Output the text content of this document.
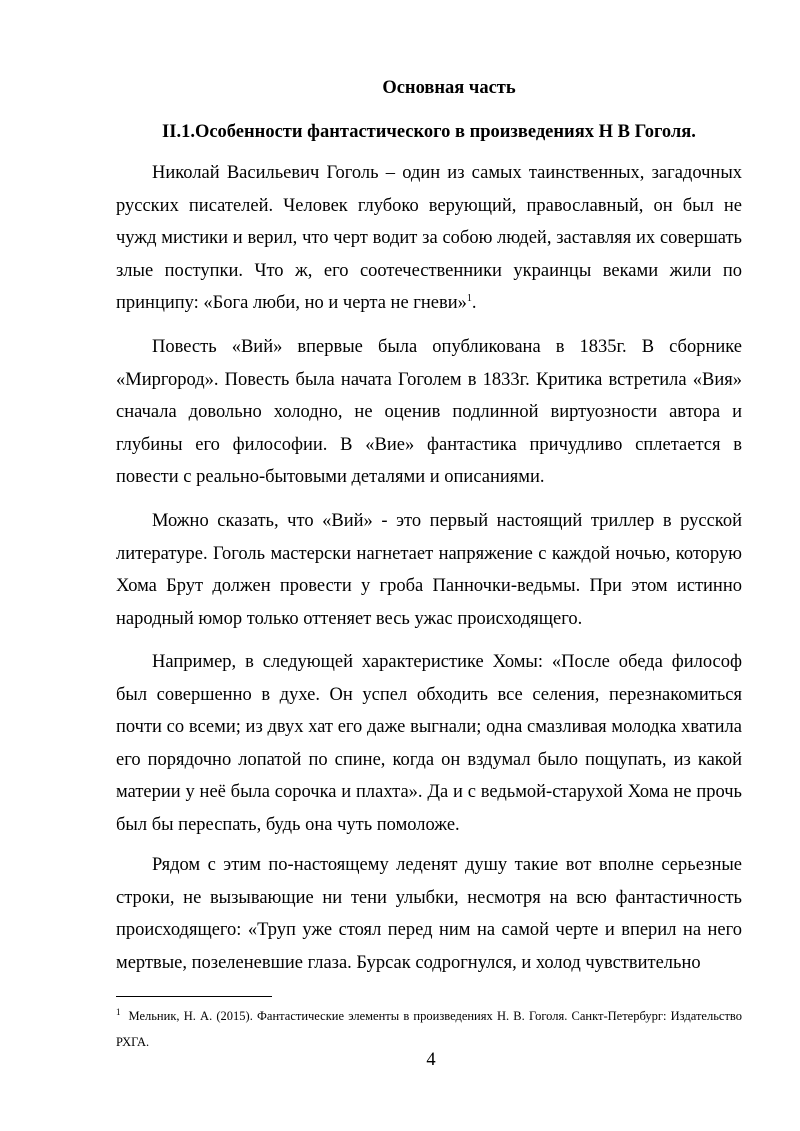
Основная часть
II.1.Особенности фантастического в произведениях Н В Гоголя.

Николай Васильевич Гоголь – один из самых таинственных, загадочных русских писателей. Человек глубоко верующий, православный, он был не чужд мистики и верил, что черт водит за собою людей, заставляя их совершать злые поступки. Что ж, его соотечественники украинцы веками жили по принципу: «Бога люби, но и черта не гневи»$^1$.

Повесть «Вий» впервые была опубликована в 1835г. В сборнике «Миргород». Повесть была начата Гоголем в 1833г. Критика встретила «Вия» сначала довольно холодно, не оценив подлинной виртуозности автора и глубины его философии. В «Вие» фантастика причудливо сплетается в повести с реально-бытовыми деталями и описаниями.

Можно сказать, что «Вий» - это первый настоящий триллер в русской литературе. Гоголь мастерски нагнетает напряжение с каждой ночью, которую Хома Брут должен провести у гроба Панночки-ведьмы. При этом истинно народный юмор только оттеняет весь ужас происходящего.

Например, в следующей характеристике Хомы: «После обеда философ был совершенно в духе. Он успел обходить все селения, перезнакомиться почти со всеми; из двух хат его даже выгнали; одна смазливая молодка хватила его порядочно лопатой по спине, когда он вздумал было пощупать, из какой материи у неё была сорочка и плахта». Да и с ведьмой-старухой Хома не прочь был бы переспать, будь она чуть помоложе.

Рядом с этим по-настоящему леденят душу такие вот вполне серьезные строки, не вызывающие ни тени улыбки, несмотря на всю фантастичность происходящего: «Труп уже стоял перед ним на самой черте и вперил на него мертвые, позеленевшие глаза. Бурсак содрогнулся, и холод чувствительно

$^1$ Мельник, Н. А. (2015). Фантастические элементы в произведениях Н. В. Гоголя. Санкт-Петербург: Издательство РХГА.

4
